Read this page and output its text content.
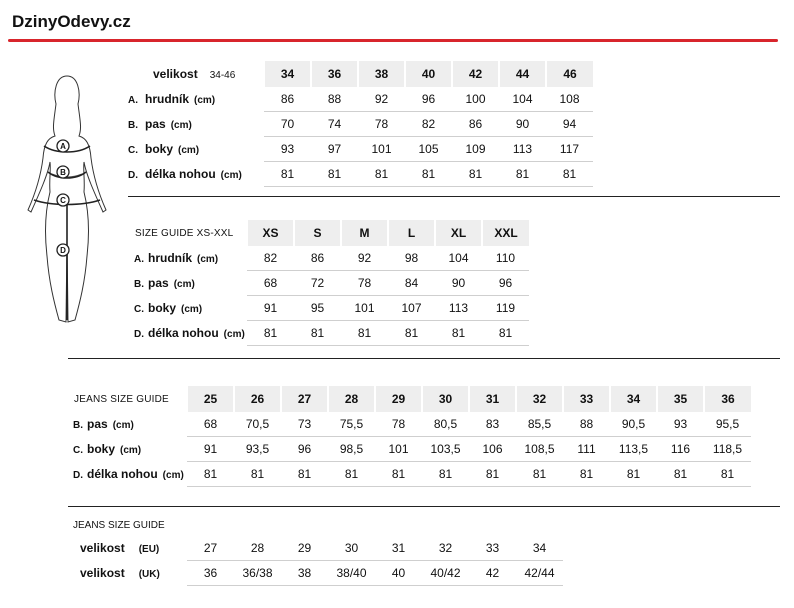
DzinyOdevy.cz
A
B
C
D
velikost 34-46	34	36	38	40	42	44	46
A. hrudník (cm)	86	88	92	96	100	104	108
B. pas (cm)	70	74	78	82	86	90	94
C. boky (cm)	93	97	101	105	109	113	117
D. délka nohou (cm)	81	81	81	81	81	81	81
SIZE GUIDE XS-XXL	XS	S	M	L	XL	XXL
A. hrudník (cm)	82	86	92	98	104	110
B. pas (cm)	68	72	78	84	90	96
C. boky (cm)	91	95	101	107	113	119
D. délka nohou (cm)	81	81	81	81	81	81
JEANS SIZE GUIDE	25	26	27	28	29	30	31	32	33	34	35	36
B. pas (cm)	68	70,5	73	75,5	78	80,5	83	85,5	88	90,5	93	95,5
C. boky (cm)	91	93,5	96	98,5	101	103,5	106	108,5	111	113,5	116	118,5
D. délka nohou (cm)	81	81	81	81	81	81	81	81	81	81	81	81
JEANS SIZE GUIDE
velikost (EU)	27	28	29	30	31	32	33	34
velikost (UK)	36	36/38	38	38/40	40	40/42	42	42/44
